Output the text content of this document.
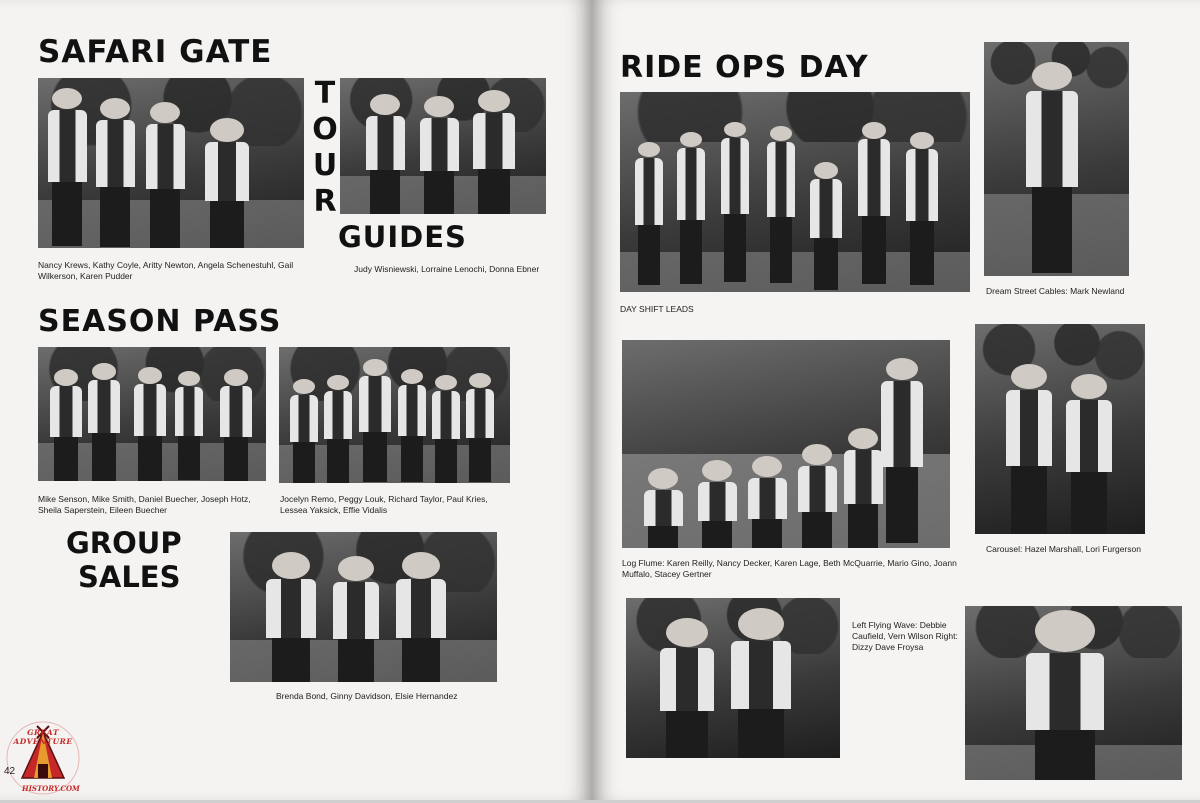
SAFARI GATE
T
O
U
R
GUIDES

Nancy Krews, Kathy Coyle, Aritty Newton, Angela Schenestuhl, Gail Wilkerson, Karen Pudder

Judy Wisniewski, Lorraine Lenochi, Donna Ebner

SEASON PASS

Mike Senson, Mike Smith, Daniel Buecher, Joseph Hotz, Sheila Saperstein, Eileen Buecher

Jocelyn Remo, Peggy Louk, Richard Taylor, Paul Kries, Lessea Yaksick, Effie Vidalis

GROUP
SALES

Brenda Bond, Ginny Davidson, Elsie Hernandez

GREAT ADVENTURE
HISTORY.COM
42
RIDE OPS DAY

DAY SHIFT LEADS

Dream Street Cables: Mark Newland

Log Flume: Karen Reilly, Nancy Decker, Karen Lage, Beth McQuarrie, Mario Gino, Joann Muffalo, Stacey Gertner

Carousel: Hazel Marshall, Lori Furgerson

Left Flying Wave: Debbie Caufield, Vern Wilson Right: Dizzy Dave Froysa
